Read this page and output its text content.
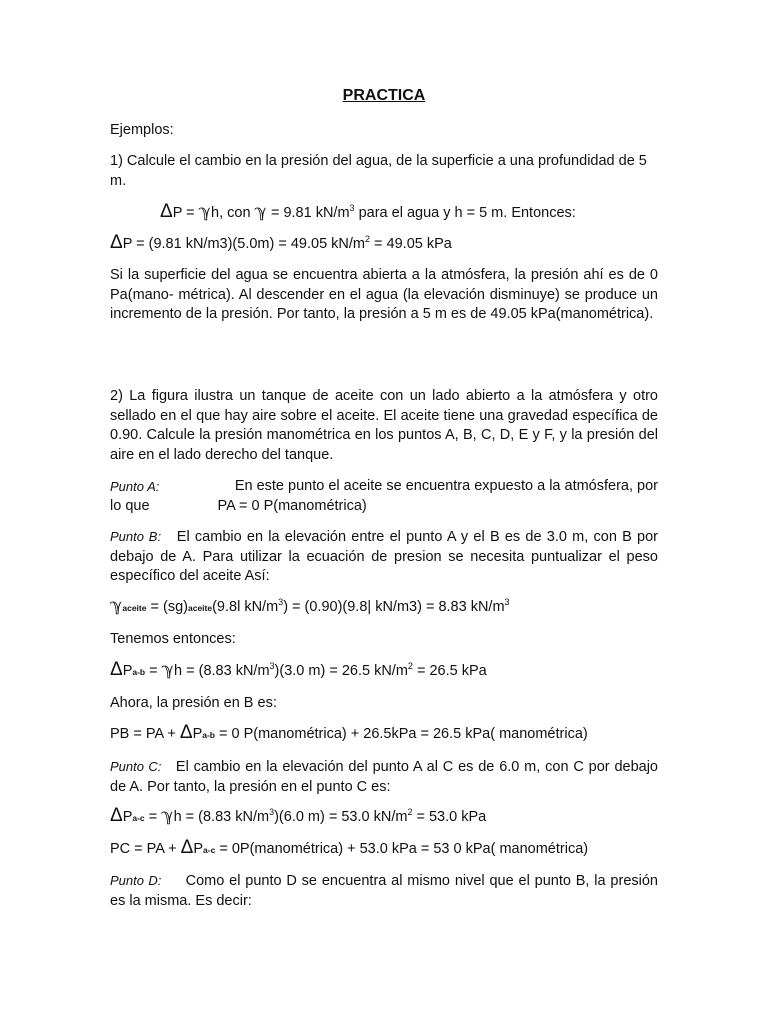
PRACTICA
Ejemplos:
1) Calcule el cambio en la presión del agua, de la superficie a una profundidad de 5 m.
ΔP = ℽh, con ℽ = 9.81 $kN/m^3$ para el agua y h = 5 m. Entonces:
ΔP = (9.81 kN/m3)(5.0m) = 49.05 $kN/m^2 = 49.05$ kPa
Si la superficie del agua se encuentra abierta a la atmósfera, la presión ahí es de 0 Pa(mano- métrica). Al descender en el agua (la elevación disminuye) se produce un incremento de la presión. Por tanto, la presión a 5 m es de 49.05 kPa(manométrica).
2) La figura ilustra un tanque de aceite con un lado abierto a la atmósfera y otro sellado en el que hay aire sobre el aceite. El aceite tiene una gravedad específica de 0.90. Calcule la presión manométrica en los puntos A, B, C, D, E y F, y la presión del aire en el lado derecho del tanque.
Punto A:	En este punto el aceite se encuentra expuesto a la atmósfera, por
lo que	PA = 0 P(manométrica)
Punto B: El cambio en la elevación entre el punto A y el B es de 3.0 m, con B por debajo de A. Para utilizar la ecuación de presion se necesita puntualizar el peso específico del aceite Así:
ℽaceite = (sg)aceite(9.8l $kN/m^3) = (0.90)(9.8|$ kN/m3) = 8.83 $kN/m^3$
Tenemos entonces:
ΔPa-b = ℽh = (8.83 $kN/m^3)(3.0$ m) = 26.5 $kN/m^2 = 26.5$ kPa
Ahora, la presión en B es:
PB = PA + ΔPa-b = 0 P(manométrica) + 26.5kPa = 26.5 kPa( manométrica)
Punto C: El cambio en la elevación del punto A al C es de 6.0 m, con C por debajo de A. Por tanto, la presión en el punto C es:
ΔPa-c = ℽh = (8.83 $kN/m^3)(6.0$ m) = 53.0 $kN/m^2 = 53.0$ kPa
PC = PA + ΔPa-c = 0P(manométrica) + 53.0 kPa = 53 0 kPa( manométrica)
Punto D: Como el punto D se encuentra al mismo nivel que el punto B, la presión es la misma. Es decir:
